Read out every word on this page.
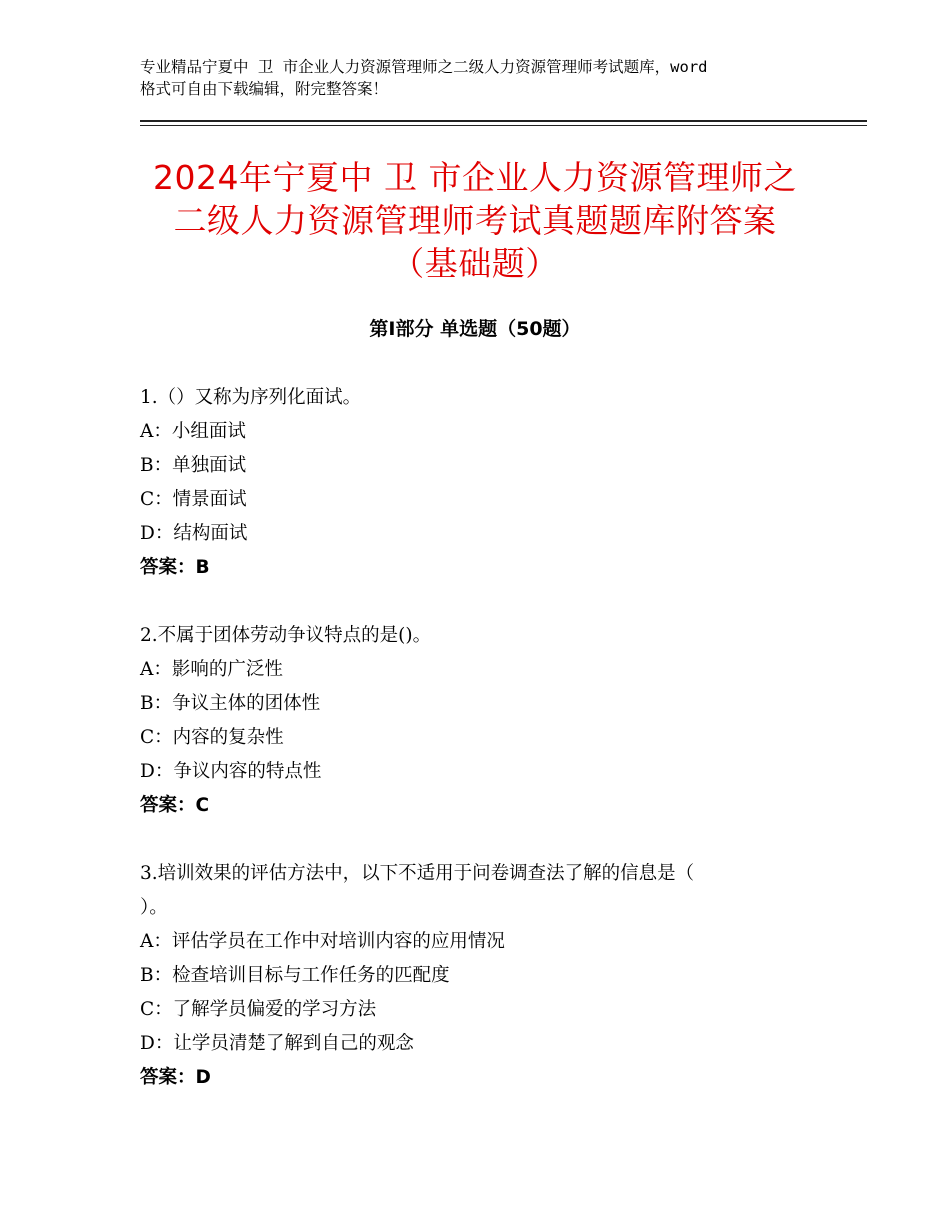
专业精品宁夏中 卫 市企业人力资源管理师之二级人力资源管理师考试题库，word
格式可自由下载编辑，附完整答案！
2024年宁夏中 卫 市企业人力资源管理师之
二级人力资源管理师考试真题题库附答案
（基础题）
第Ⅰ部分 单选题（50题）
1.（）又称为序列化面试。
A：小组面试
B：单独面试
C：情景面试
D：结构面试
答案：B
2.不属于团体劳动争议特点的是()。
A：影响的广泛性
B：争议主体的团体性
C：内容的复杂性
D：争议内容的特点性
答案：C
3.培训效果的评估方法中，以下不适用于问卷调查法了解的信息是（
）。
A：评估学员在工作中对培训内容的应用情况
B：检查培训目标与工作任务的匹配度
C：了解学员偏爱的学习方法
D：让学员清楚了解到自己的观念
答案：D
